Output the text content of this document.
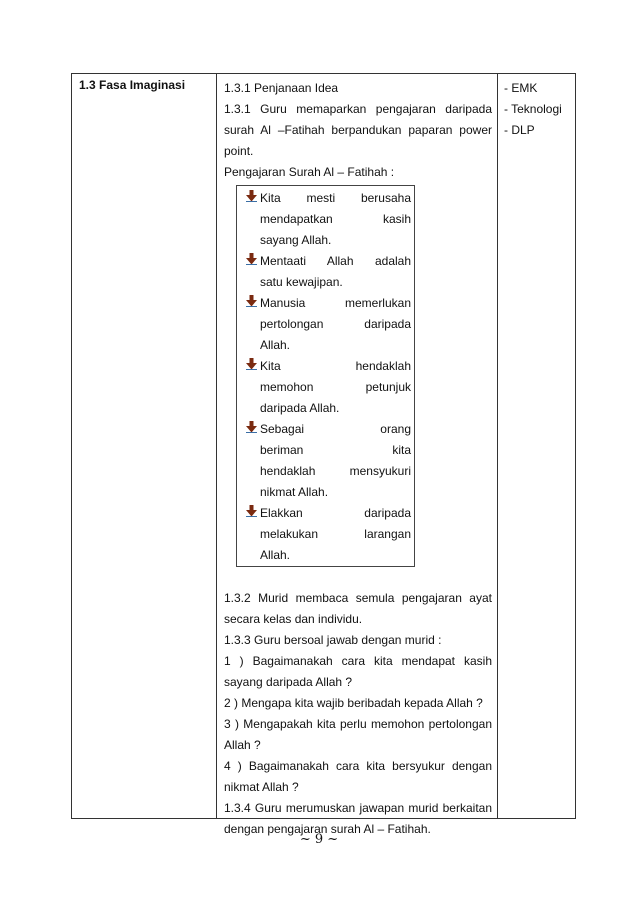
1.3 Fasa Imaginasi	1.3.1 Penjanaan Idea
1.3.1 Guru memaparkan pengajaran daripada
surah Al –Fatihah berpandukan paparan power
point.
Pengajaran Surah Al – Fatihah :
Kita mesti berusaha
mendapatkan kasih
sayang Allah.
Mentaati Allah adalah
satu kewajipan.
Manusia memerlukan
pertolongan daripada
Allah.
Kita hendaklah
memohon petunjuk
daripada Allah.
Sebagai orang
beriman kita
hendaklah mensyukuri
nikmat Allah.
Elakkan daripada
melakukan larangan
Allah.
1.3.2 Murid membaca semula pengajaran ayat
secara kelas dan individu.
1.3.3 Guru bersoal jawab dengan murid :
1 ) Bagaimanakah cara kita mendapat kasih
sayang daripada Allah ?
2 ) Mengapa kita wajib beribadah kepada Allah ?
3 ) Mengapakah kita perlu memohon pertolongan
Allah ?
4 ) Bagaimanakah cara kita bersyukur dengan
nikmat Allah ?
1.3.4 Guru merumuskan jawapan murid berkaitan
dengan pengajaran surah Al – Fatihah.
- EMK
- Teknologi
- DLP
~ 9 ~
